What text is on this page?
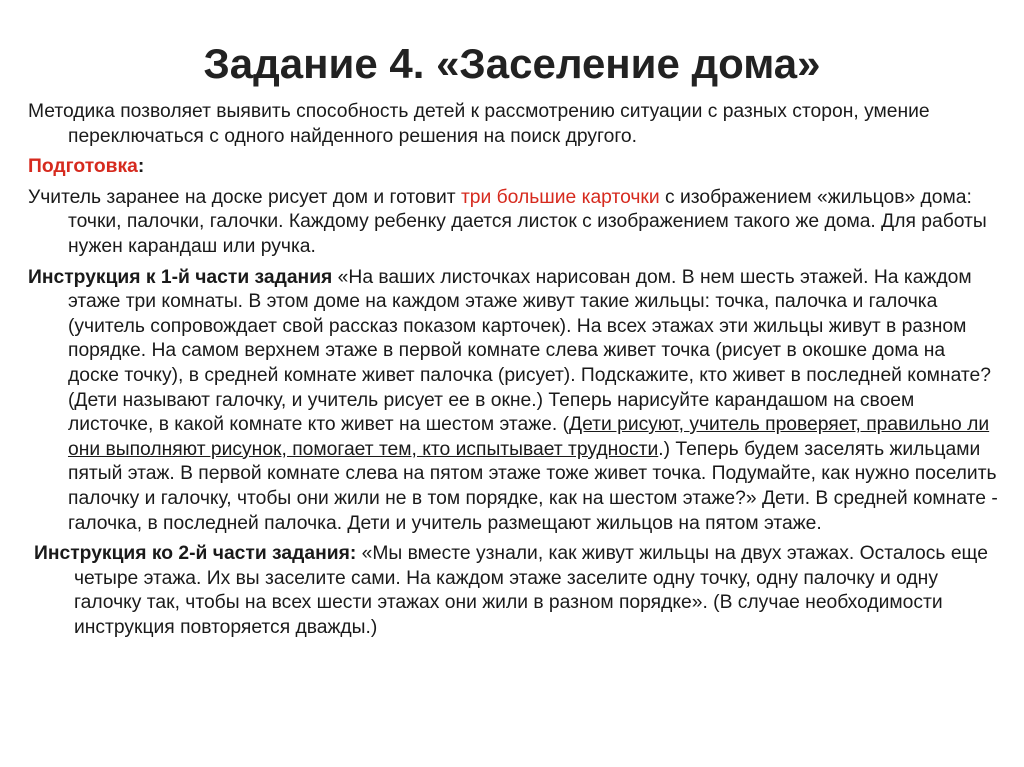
Задание 4. «Заселение дома»

Методика позволяет выявить способность детей к рассмотрению ситуации с разных сторон, умение переключаться с одного найденного решения на поиск другого.

Подготовка:

Учитель заранее на доске рисует дом и готовит три большие карточки с изображением «жильцов» дома: точки, палочки, галочки. Каждому ребенку дается листок с изображением такого же дома. Для работы нужен карандаш или ручка.

Инструкция к 1-й части задания «На ваших листочках нарисован дом. В нем шесть этажей. На каждом этаже три комнаты. В этом доме на каждом этаже живут такие жильцы: точка, палочка и галочка (учитель сопровождает свой рассказ показом карточек). На всех этажах эти жильцы живут в разном порядке. На самом верхнем этаже в первой комнате слева живет точка (рисует в окошке дома на доске точку), в средней комнате живет палочка (рисует). Подскажите, кто живет в последней комнате? (Дети называют галочку, и учитель рисует ее в окне.) Теперь нарисуйте карандашом на своем листочке, в какой комнате кто живет на шестом этаже. (Дети рисуют, учитель проверяет, правильно ли они выполняют рисунок, помогает тем, кто испытывает трудности.) Теперь будем заселять жильцами пятый этаж. В первой комнате слева на пятом этаже тоже живет точка. Подумайте, как нужно поселить палочку и галочку, чтобы они жили не в том порядке, как на шестом этаже?» Дети. В средней комнате - галочка, в последней палочка. Дети и учитель размещают жильцов на пятом этаже.

Инструкция ко 2-й части задания: «Мы вместе узнали, как живут жильцы на двух этажах. Осталось еще четыре этажа. Их вы заселите сами. На каждом этаже заселите одну точку, одну палочку и одну галочку так, чтобы на всех шести этажах они жили в разном порядке». (В случае необходимости инструкция повторяется дважды.)
